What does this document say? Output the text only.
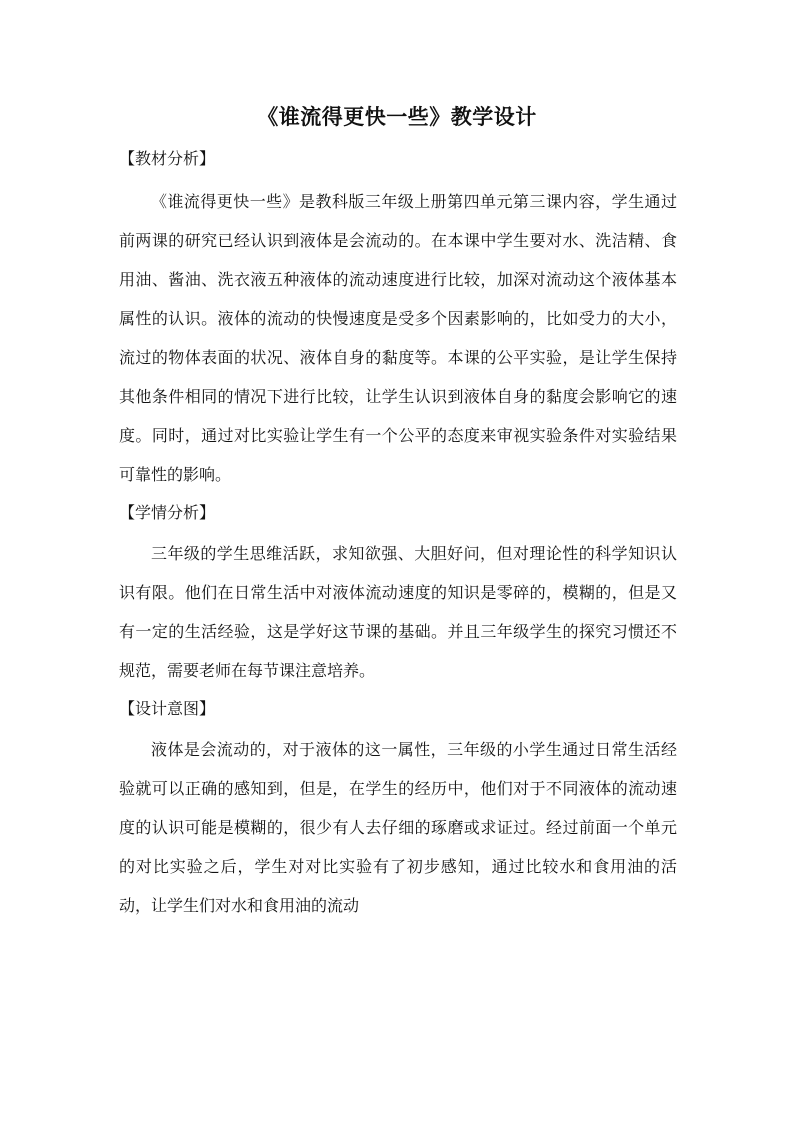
《谁流得更快一些》教学设计
【教材分析】

《谁流得更快一些》是教科版三年级上册第四单元第三课内容，学生通过前两课的研究已经认识到液体是会流动的。在本课中学生要对水、洗洁精、食用油、酱油、洗衣液五种液体的流动速度进行比较，加深对流动这个液体基本属性的认识。液体的流动的快慢速度是受多个因素影响的，比如受力的大小，流过的物体表面的状况、液体自身的黏度等。本课的公平实验，是让学生保持其他条件相同的情况下进行比较，让学生认识到液体自身的黏度会影响它的速度。同时，通过对比实验让学生有一个公平的态度来审视实验条件对实验结果可靠性的影响。

【学情分析】

三年级的学生思维活跃，求知欲强、大胆好问，但对理论性的科学知识认识有限。他们在日常生活中对液体流动速度的知识是零碎的，模糊的，但是又有一定的生活经验，这是学好这节课的基础。并且三年级学生的探究习惯还不规范，需要老师在每节课注意培养。

【设计意图】

液体是会流动的，对于液体的这一属性，三年级的小学生通过日常生活经验就可以正确的感知到，但是，在学生的经历中，他们对于不同液体的流动速度的认识可能是模糊的，很少有人去仔细的琢磨或求证过。经过前面一个单元的对比实验之后，学生对对比实验有了初步感知，通过比较水和食用油的活动，让学生们对水和食用油的流动
